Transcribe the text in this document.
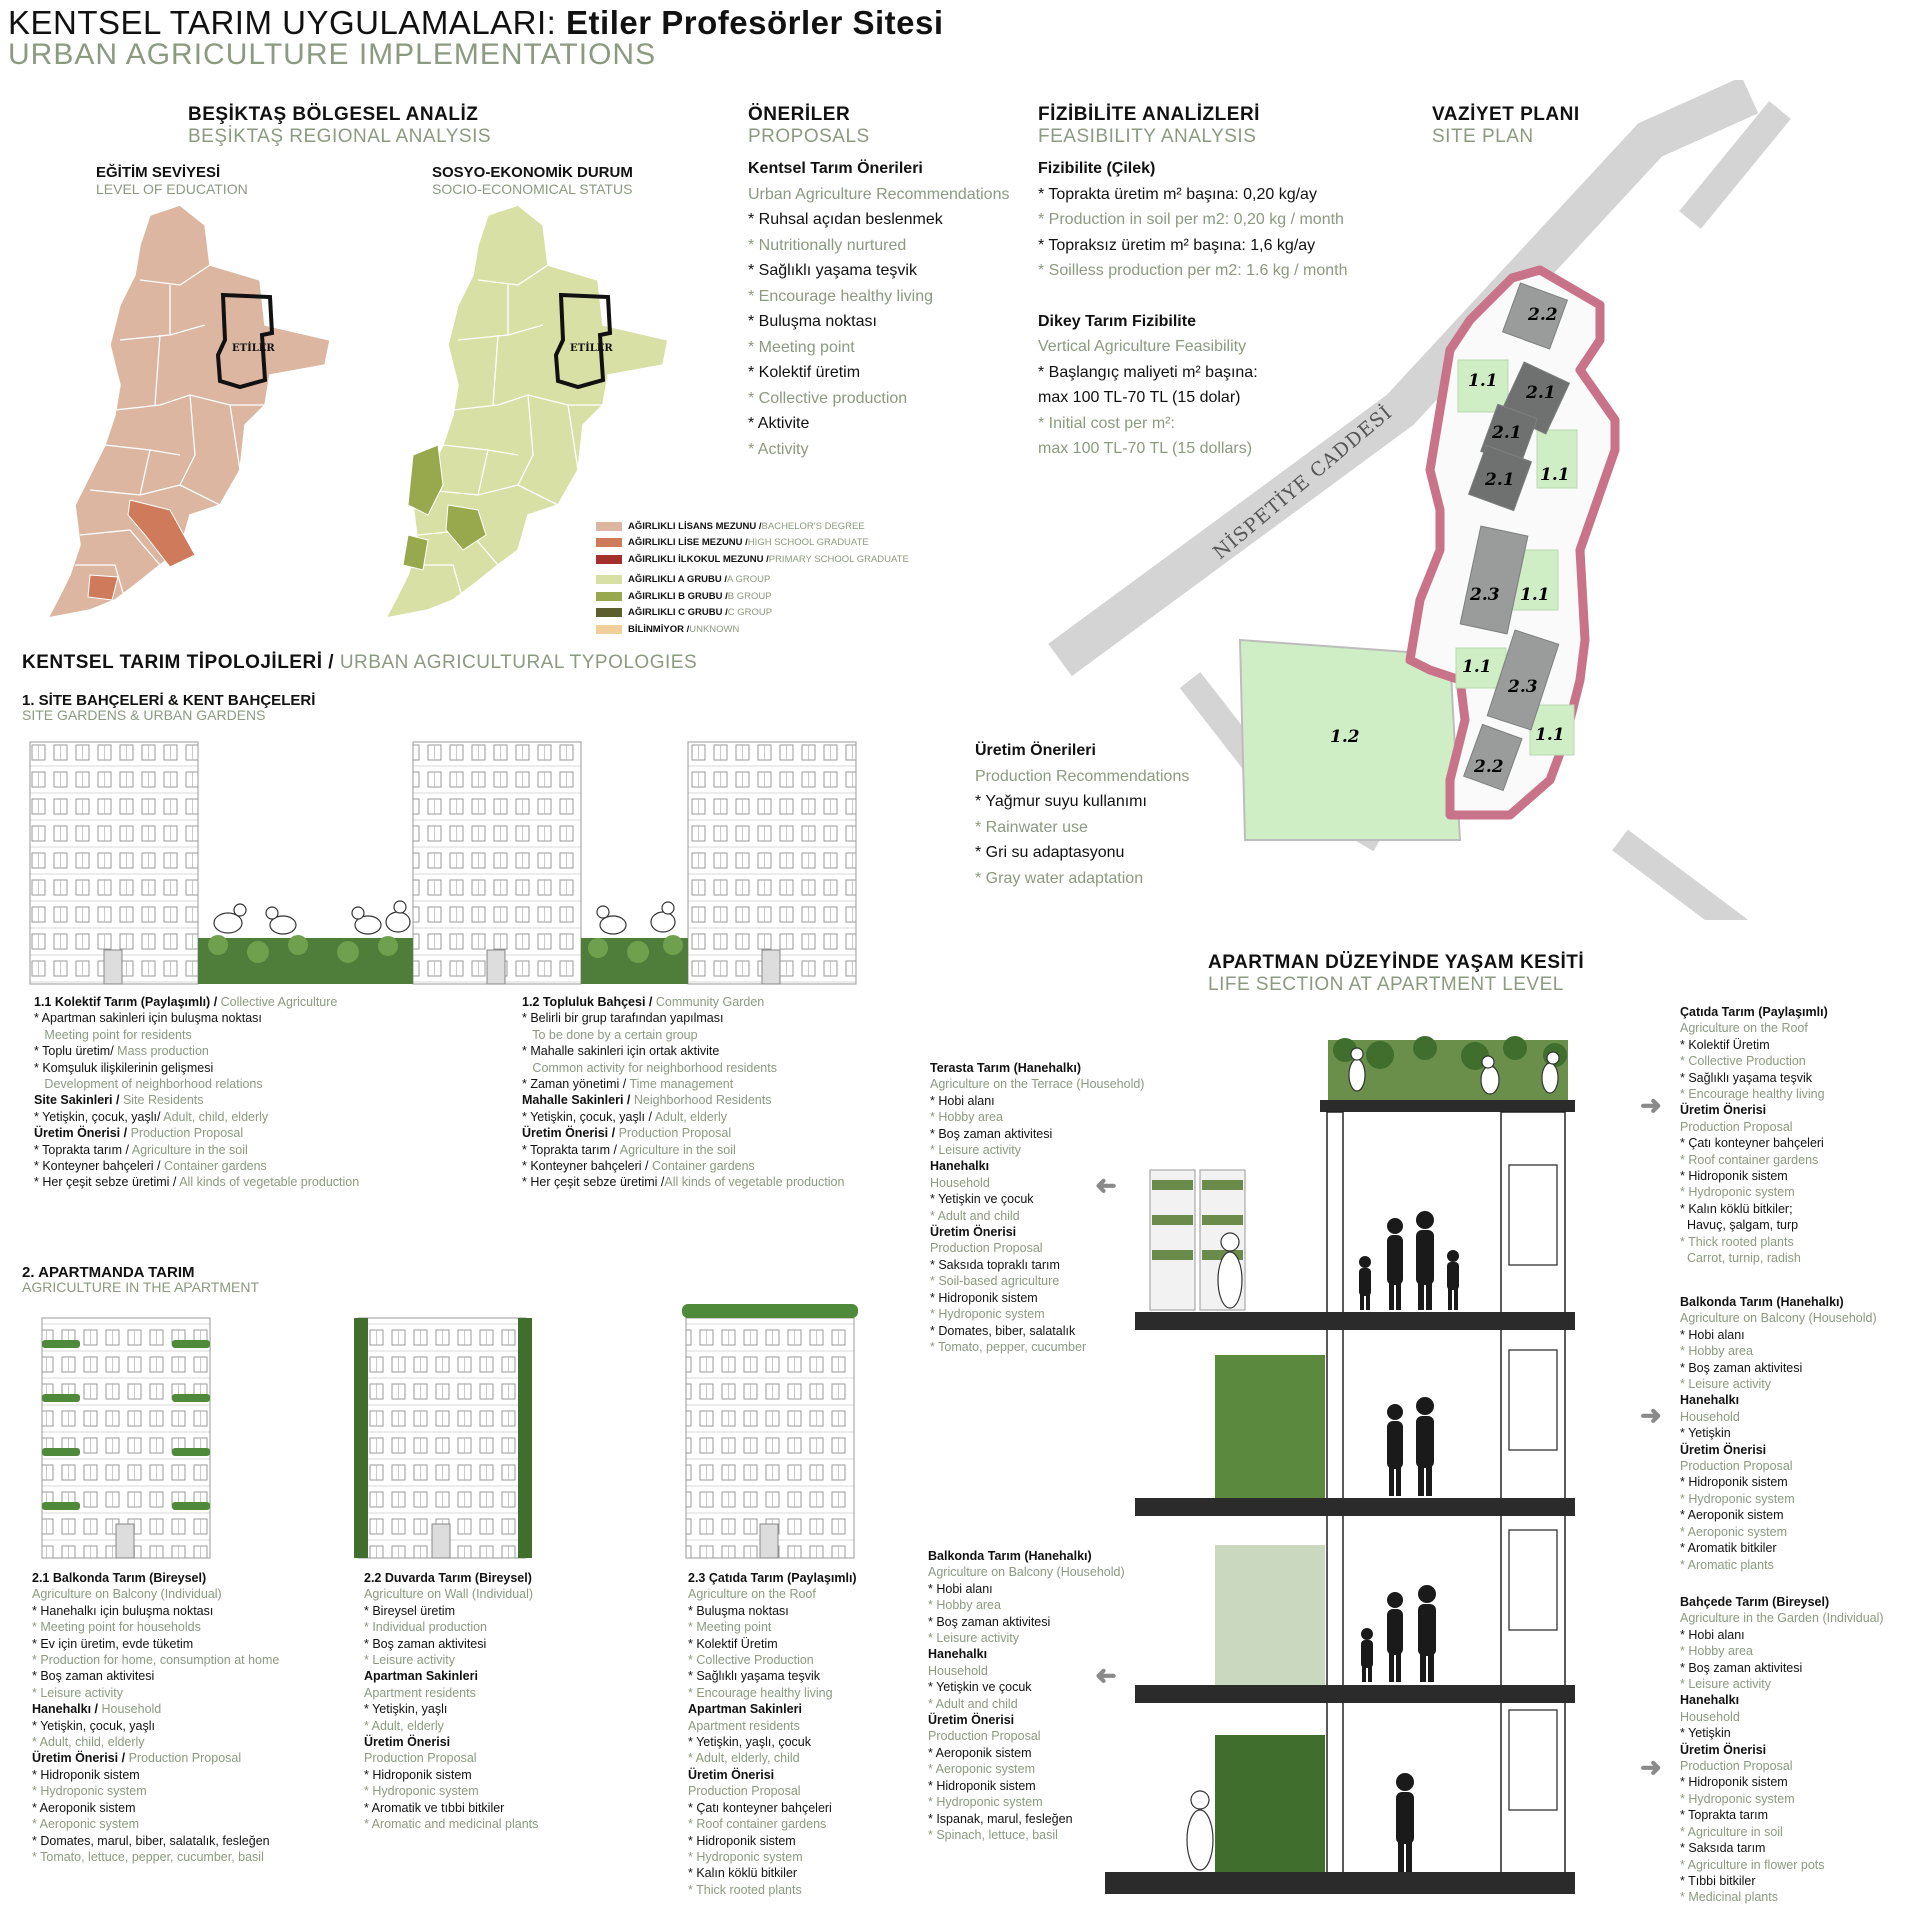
KENTSEL TARIM UYGULAMALARI: Etiler Profesörler Sitesi
URBAN AGRICULTURE IMPLEMENTATIONS
BEŞİKTAŞ BÖLGESEL ANALİZ
BEŞİKTAŞ REGIONAL ANALYSIS
EĞİTİM SEVİYESİ
LEVEL OF EDUCATION
SOSYO-EKONOMİK DURUM
SOCIO-ECONOMICAL STATUS
ETİLER	ETİLER
AĞIRLIKLI LİSANS MEZUNU / BACHELOR'S DEGREE
AĞIRLIKLI LİSE MEZUNU / HIGH SCHOOL GRADUATE
AĞIRLIKLI İLKOKUL MEZUNU / PRIMARY SCHOOL GRADUATE
AĞIRLIKLI A GRUBU / A GROUP
AĞIRLIKLI B GRUBU / B GROUP
AĞIRLIKLI C GRUBU / C GROUP
BİLİNMİYOR / UNKNOWN
ÖNERİLER
PROPOSALS
Kentsel Tarım Önerileri
Urban Agriculture Recommendations
* Ruhsal açıdan beslenmek
* Nutritionally nurtured
* Sağlıklı yaşama teşvik
* Encourage healthy living
* Buluşma noktası
* Meeting point
* Kolektif üretim
* Collective production
* Aktivite
* Activity
FİZİBİLİTE ANALİZLERİ
FEASIBILITY ANALYSIS
Fizibilite (Çilek)
* Toprakta üretim m² başına: 0,20 kg/ay
* Production in soil per m2: 0,20 kg / month
* Topraksız üretim m² başına: 1,6 kg/ay
* Soilless production per m2: 1.6 kg / month
Dikey Tarım Fizibilite
Vertical Agriculture Feasibility
* Başlangıç maliyeti m² başına:
max 100 TL-70 TL (15 dolar)
* Initial cost per m²:
max 100 TL-70 TL (15 dollars)
NİSPETİYE CADDESİ
2.2
1.1
2.1
2.1
2.1 1.1
2.3 1.1
1.1
2.3
1.1
2.2
1.2
VAZİYET PLANI
SITE PLAN
Üretim Önerileri
Production Recommendations
* Yağmur suyu kullanımı
* Rainwater use
* Gri su adaptasyonu
* Gray water adaptation
KENTSEL TARIM TİPOLOJİLERİ / URBAN AGRICULTURAL TYPOLOGIES
1. SİTE BAHÇELERİ & KENT BAHÇELERİ
SITE GARDENS & URBAN GARDENS
1.1 Kolektif Tarım (Paylaşımlı) / Collective Agriculture
* Apartman sakinleri için buluşma noktası
Meeting point for residents
* Toplu üretim/ Mass production
* Komşuluk ilişkilerinin gelişmesi
Development of neighborhood relations
Site Sakinleri / Site Residents
* Yetişkin, çocuk, yaşlı/ Adult, child, elderly
Üretim Önerisi / Production Proposal
* Toprakta tarım / Agriculture in the soil
* Konteyner bahçeleri / Container gardens
* Her çeşit sebze üretimi / All kinds of vegetable production
1.2 Topluluk Bahçesi / Community Garden
* Belirli bir grup tarafından yapılması
To be done by a certain group
* Mahalle sakinleri için ortak aktivite
Common activity for neighborhood residents
* Zaman yönetimi / Time management
Mahalle Sakinleri / Neighborhood Residents
* Yetişkin, çocuk, yaşlı / Adult, elderly
Üretim Önerisi / Production Proposal
* Toprakta tarım / Agriculture in the soil
* Konteyner bahçeleri / Container gardens
* Her çeşit sebze üretimi /All kinds of vegetable production
2. APARTMANDA TARIM
AGRICULTURE IN THE APARTMENT
2.1 Balkonda Tarım (Bireysel)
Agriculture on Balcony (Individual)
* Hanehalkı için buluşma noktası
* Meeting point for households
* Ev için üretim, evde tüketim
* Production for home, consumption at home
* Boş zaman aktivitesi
* Leisure activity
Hanehalkı / Household
* Yetişkin, çocuk, yaşlı
* Adult, child, elderly
Üretim Önerisi / Production Proposal
* Hidroponik sistem
* Hydroponic system
* Aeroponik sistem
* Aeroponic system
* Domates, marul, biber, salatalık, fesleğen
* Tomato, lettuce, pepper, cucumber, basil
2.2 Duvarda Tarım (Bireysel)
Agriculture on Wall (Individual)
* Bireysel üretim
* Individual production
* Boş zaman aktivitesi
* Leisure activity
Apartman Sakinleri
Apartment residents
* Yetişkin, yaşlı
* Adult, elderly
Üretim Önerisi
Production Proposal
* Hidroponik sistem
* Hydroponic system
* Aromatik ve tıbbi bitkiler
* Aromatic and medicinal plants
2.3 Çatıda Tarım (Paylaşımlı)
Agriculture on the Roof
* Buluşma noktası
* Meeting point
* Kolektif Üretim
* Collective Production
* Sağlıklı yaşama teşvik
* Encourage healthy living
Apartman Sakinleri
Apartment residents
* Yetişkin, yaşlı, çocuk
* Adult, elderly, child
Üretim Önerisi
Production Proposal
* Çatı konteyner bahçeleri
* Roof container gardens
* Hidroponik sistem
* Hydroponic system
* Kalın köklü bitkiler
* Thick rooted plants
APARTMAN DÜZEYİNDE YAŞAM KESİTİ
LIFE SECTION AT APARTMENT LEVEL
➜
➜
➜
➜
➜
Çatıda Tarım (Paylaşımlı)
Agriculture on the Roof
* Kolektif Üretim
* Collective Production
* Sağlıklı yaşama teşvik
* Encourage healthy living
Üretim Önerisi
Production Proposal
* Çatı konteyner bahçeleri
* Roof container gardens
* Hidroponik sistem
* Hydroponic system
* Kalın köklü bitkiler;
Havuç, şalgam, turp
* Thick rooted plants
Carrot, turnip, radish
Terasta Tarım (Hanehalkı)
Agriculture on the Terrace (Household)
* Hobi alanı
* Hobby area
* Boş zaman aktivitesi
* Leisure activity
Hanehalkı
Household
* Yetişkin ve çocuk
* Adult and child
Üretim Önerisi
Production Proposal
* Saksıda topraklı tarım
* Soil-based agriculture
* Hidroponik sistem
* Hydroponic system
* Domates, biber, salatalık
* Tomato, pepper, cucumber
Balkonda Tarım (Hanehalkı)
Agriculture on Balcony (Household)
* Hobi alanı
* Hobby area
* Boş zaman aktivitesi
* Leisure activity
Hanehalkı
Household
* Yetişkin
Üretim Önerisi
Production Proposal
* Hidroponik sistem
* Hydroponic system
* Aeroponik sistem
* Aeroponic system
* Aromatik bitkiler
* Aromatic plants
Balkonda Tarım (Hanehalkı)
Agriculture on Balcony (Household)
* Hobi alanı
* Hobby area
* Boş zaman aktivitesi
* Leisure activity
Hanehalkı
Household
* Yetişkin ve çocuk
* Adult and child
Üretim Önerisi
Production Proposal
* Aeroponik sistem
* Aeroponic system
* Hidroponik sistem
* Hydroponic system
* Ispanak, marul, fesleğen
* Spinach, lettuce, basil
Bahçede Tarım (Bireysel)
Agriculture in the Garden (Individual)
* Hobi alanı
* Hobby area
* Boş zaman aktivitesi
* Leisure activity
Hanehalkı
Household
* Yetişkin
Üretim Önerisi
Production Proposal
* Hidroponik sistem
* Hydroponic system
* Toprakta tarım
* Agriculture in soil
* Saksıda tarım
* Agriculture in flower pots
* Tıbbi bitkiler
* Medicinal plants
